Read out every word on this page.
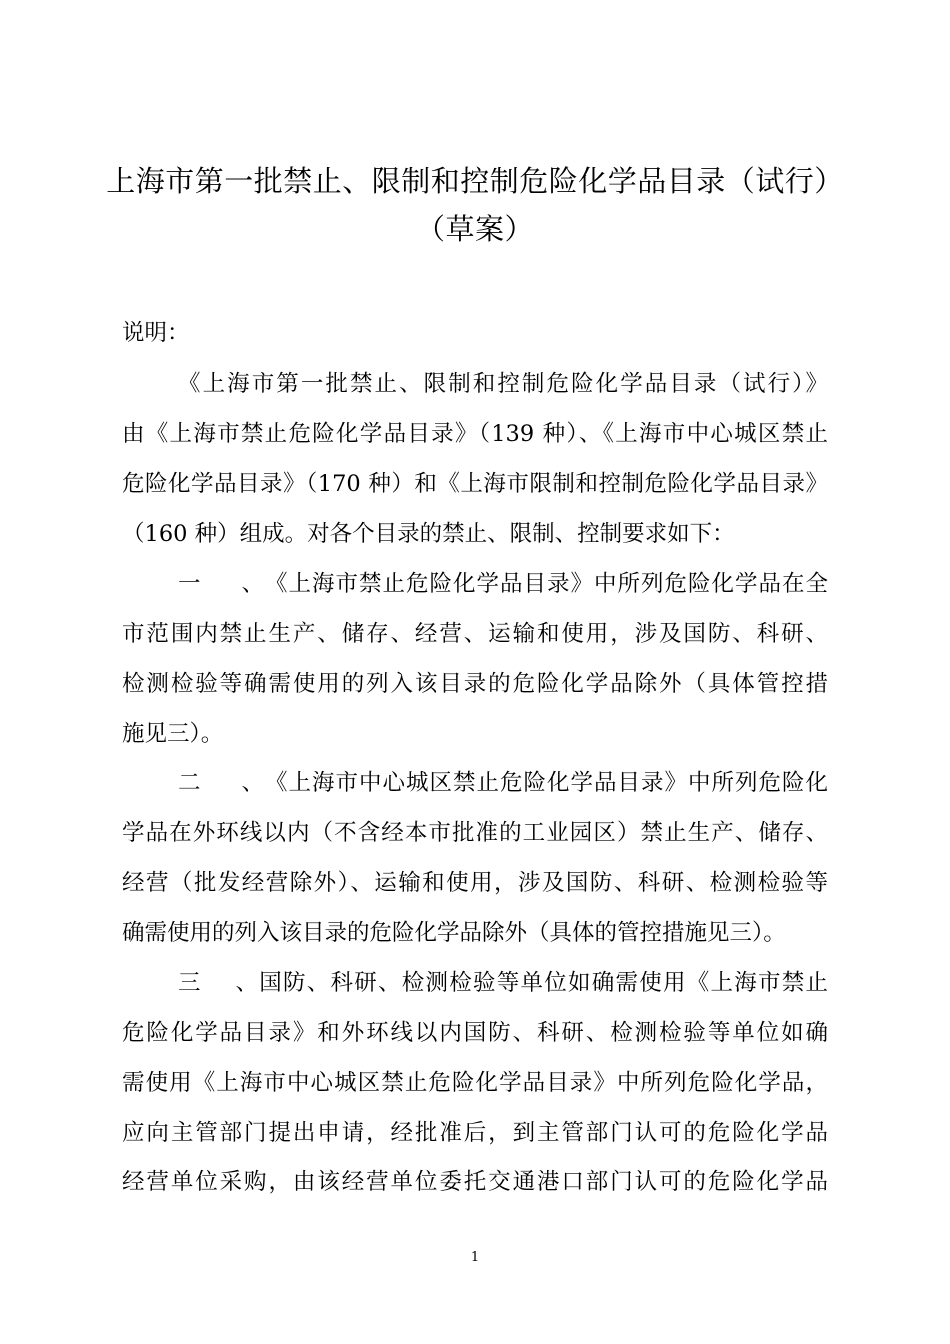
上海市第一批禁止、限制和控制危险化学品目录（试行）
（草案）
说明：
《上海市第一批禁止、限制和控制危险化学品目录（试行）》
由《上海市禁止危险化学品目录》（139 种）、《上海市中心城区禁止
危险化学品目录》（170 种）和《上海市限制和控制危险化学品目录》
（160 种）组成。对各个目录的禁止、限制、控制要求如下：
一、《上海市禁止危险化学品目录》中所列危险化学品在全
市范围内禁止生产、储存、经营、运输和使用，涉及国防、科研、
检测检验等确需使用的列入该目录的危险化学品除外（具体管控措
施见三）。
二、《上海市中心城区禁止危险化学品目录》中所列危险化
学品在外环线以内（不含经本市批准的工业园区）禁止生产、储存、
经营（批发经营除外）、运输和使用，涉及国防、科研、检测检验等
确需使用的列入该目录的危险化学品除外（具体的管控措施见三）。
三、国防、科研、检测检验等单位如确需使用《上海市禁止
危险化学品目录》和外环线以内国防、科研、检测检验等单位如确
需使用《上海市中心城区禁止危险化学品目录》中所列危险化学品，
应向主管部门提出申请，经批准后，到主管部门认可的危险化学品
经营单位采购，由该经营单位委托交通港口部门认可的危险化学品
1
